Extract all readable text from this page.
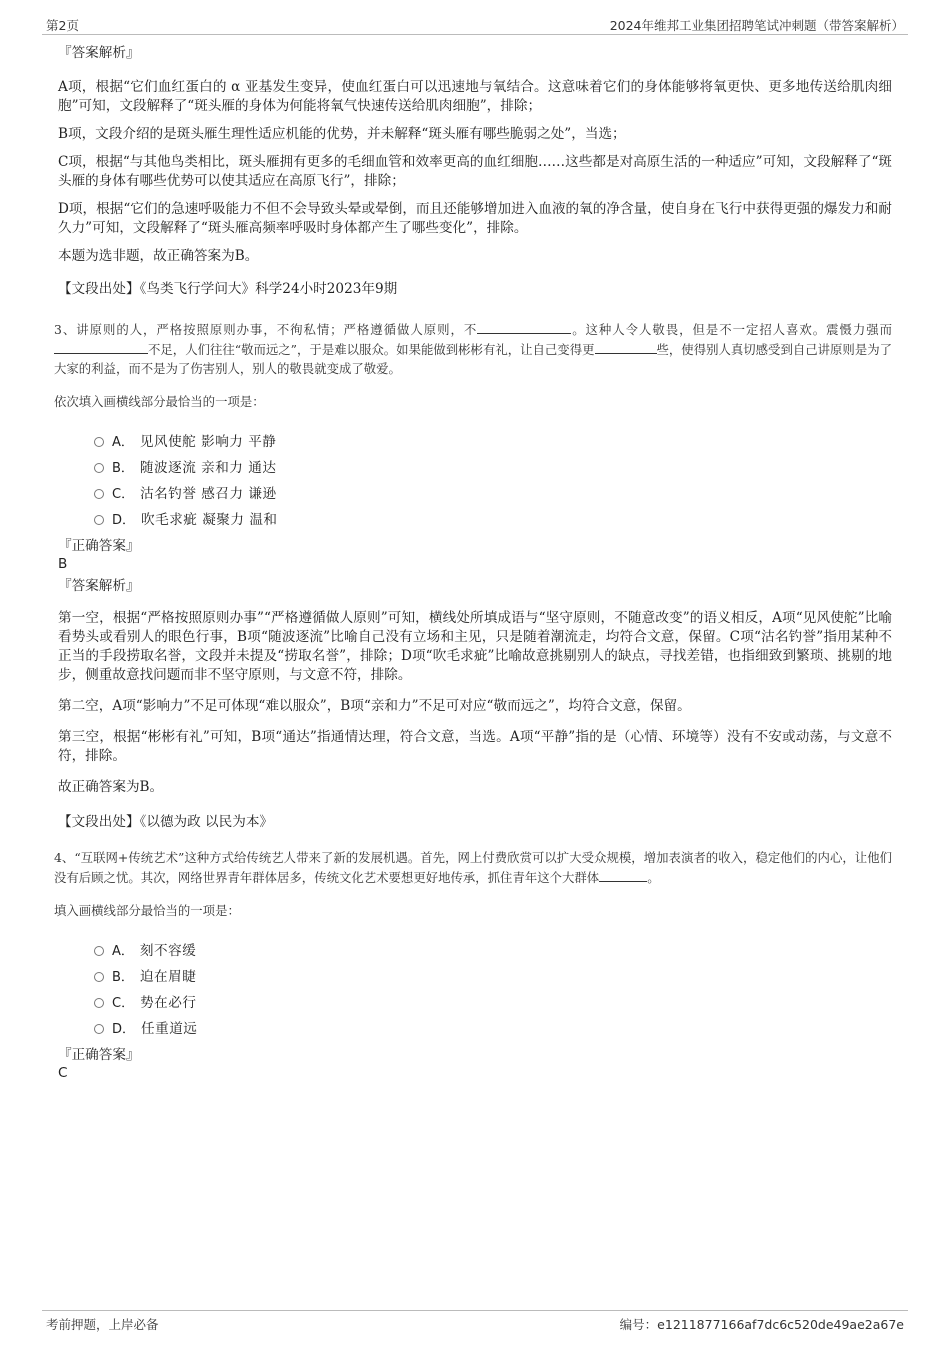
第2页	2024年维邦工业集团招聘笔试冲刺题（带答案解析）

『答案解析』

A项，根据“它们血红蛋白的 α 亚基发生变异，使血红蛋白可以迅速地与氧结合。这意味着它们的身体能够将氧更快、更多地传送给肌肉细胞”可知，文段解释了“斑头雁的身体为何能将氧气快速传送给肌肉细胞”，排除；

B项，文段介绍的是斑头雁生理性适应机能的优势，并未解释“斑头雁有哪些脆弱之处”，当选；

C项，根据“与其他鸟类相比，斑头雁拥有更多的毛细血管和效率更高的血红细胞……这些都是对高原生活的一种适应”可知，文段解释了“斑头雁的身体有哪些优势可以使其适应在高原飞行”，排除；

D项，根据“它们的急速呼吸能力不但不会导致头晕或晕倒，而且还能够增加进入血液的氧的净含量，使自身在飞行中获得更强的爆发力和耐久力”可知，文段解释了“斑头雁高频率呼吸时身体都产生了哪些变化”，排除。

本题为选非题，故正确答案为B。

【文段出处】《鸟类飞行学问大》科学24小时2023年9期

3、讲原则的人，严格按照原则办事，不徇私情；严格遵循做人原则，不	。这种人令人敬畏，但是不一定招人喜欢。震慑力强而不足，人们往往“敬而远之”，于是难以服众。如果能做到彬彬有礼，让自己变得更	些，使得别人真切感受到自己讲原则是为了大家的利益，而不是为了伤害别人，别人的敬畏就变成了敬爱。

依次填入画横线部分最恰当的一项是：

A． 见风使舵 影响力 平静
B． 随波逐流 亲和力 通达
C． 沽名钓誉 感召力 谦逊
D． 吹毛求疵 凝聚力 温和

『正确答案』

B

『答案解析』

第一空，根据“严格按照原则办事”“严格遵循做人原则”可知，横线处所填成语与“坚守原则，不随意改变”的语义相反，A项“见风使舵”比喻看势头或看别人的眼色行事，B项“随波逐流”比喻自己没有立场和主见，只是随着潮流走，均符合文意，保留。C项“沽名钓誉”指用某种不正当的手段捞取名誉，文段并未提及“捞取名誉”，排除；D项“吹毛求疵”比喻故意挑剔别人的缺点，寻找差错，也指细致到繁琐、挑剔的地步，侧重故意找问题而非不坚守原则，与文意不符，排除。

第二空，A项“影响力”不足可体现“难以服众”，B项“亲和力”不足可对应“敬而远之”，均符合文意，保留。

第三空，根据“彬彬有礼”可知，B项“通达”指通情达理，符合文意，当选。A项“平静”指的是（心情、环境等）没有不安或动荡，与文意不符，排除。

故正确答案为B。

【文段出处】《以德为政 以民为本》

4、“互联网+传统艺术”这种方式给传统艺人带来了新的发展机遇。首先，网上付费欣赏可以扩大受众规模，增加表演者的收入，稳定他们的内心，让他们没有后顾之忧。其次，网络世界青年群体居多，传统文化艺术要想更好地传承，抓住青年这个大群体	。

填入画横线部分最恰当的一项是：

A． 刻不容缓
B． 迫在眉睫
C． 势在必行
D． 任重道远

『正确答案』

C

考前押题，上岸必备	编号：e1211877166af7dc6c520de49ae2a67e
